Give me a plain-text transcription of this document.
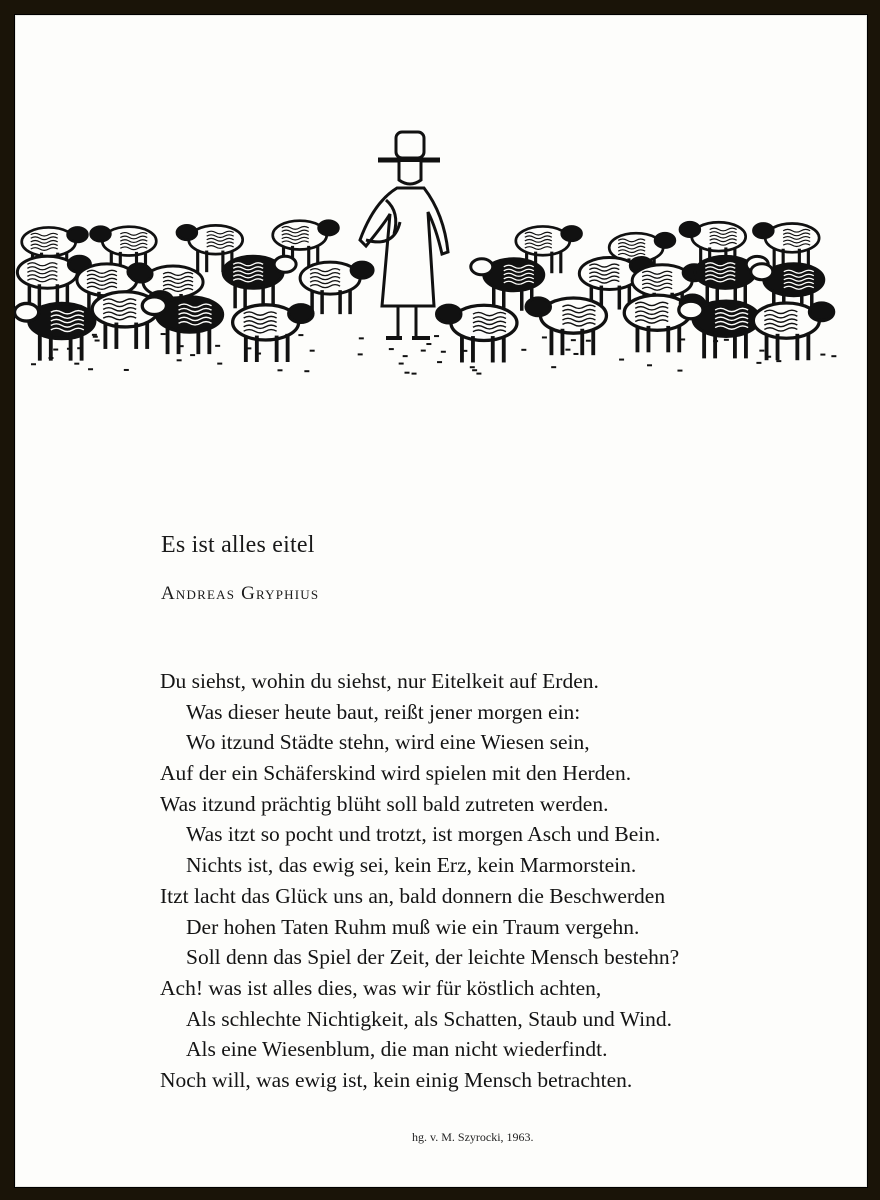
Es ist alles eitel
Andreas Gryphius
Du siehst, wohin du siehst, nur Eitelkeit auf Erden.
Was dieser heute baut, reißt jener morgen ein:
Wo itzund Städte stehn, wird eine Wiesen sein,
Auf der ein Schäferskind wird spielen mit den Herden.
Was itzund prächtig blüht soll bald zutreten werden.
Was itzt so pocht und trotzt, ist morgen Asch und Bein.
Nichts ist, das ewig sei, kein Erz, kein Marmorstein.
Itzt lacht das Glück uns an, bald donnern die Beschwerden
Der hohen Taten Ruhm muß wie ein Traum vergehn.
Soll denn das Spiel der Zeit, der leichte Mensch bestehn?
Ach! was ist alles dies, was wir für köstlich achten,
Als schlechte Nichtigkeit, als Schatten, Staub und Wind.
Als eine Wiesenblum, die man nicht wiederfindt.
Noch will, was ewig ist, kein einig Mensch betrachten.
hg. v. M. Szyrocki, 1963.
